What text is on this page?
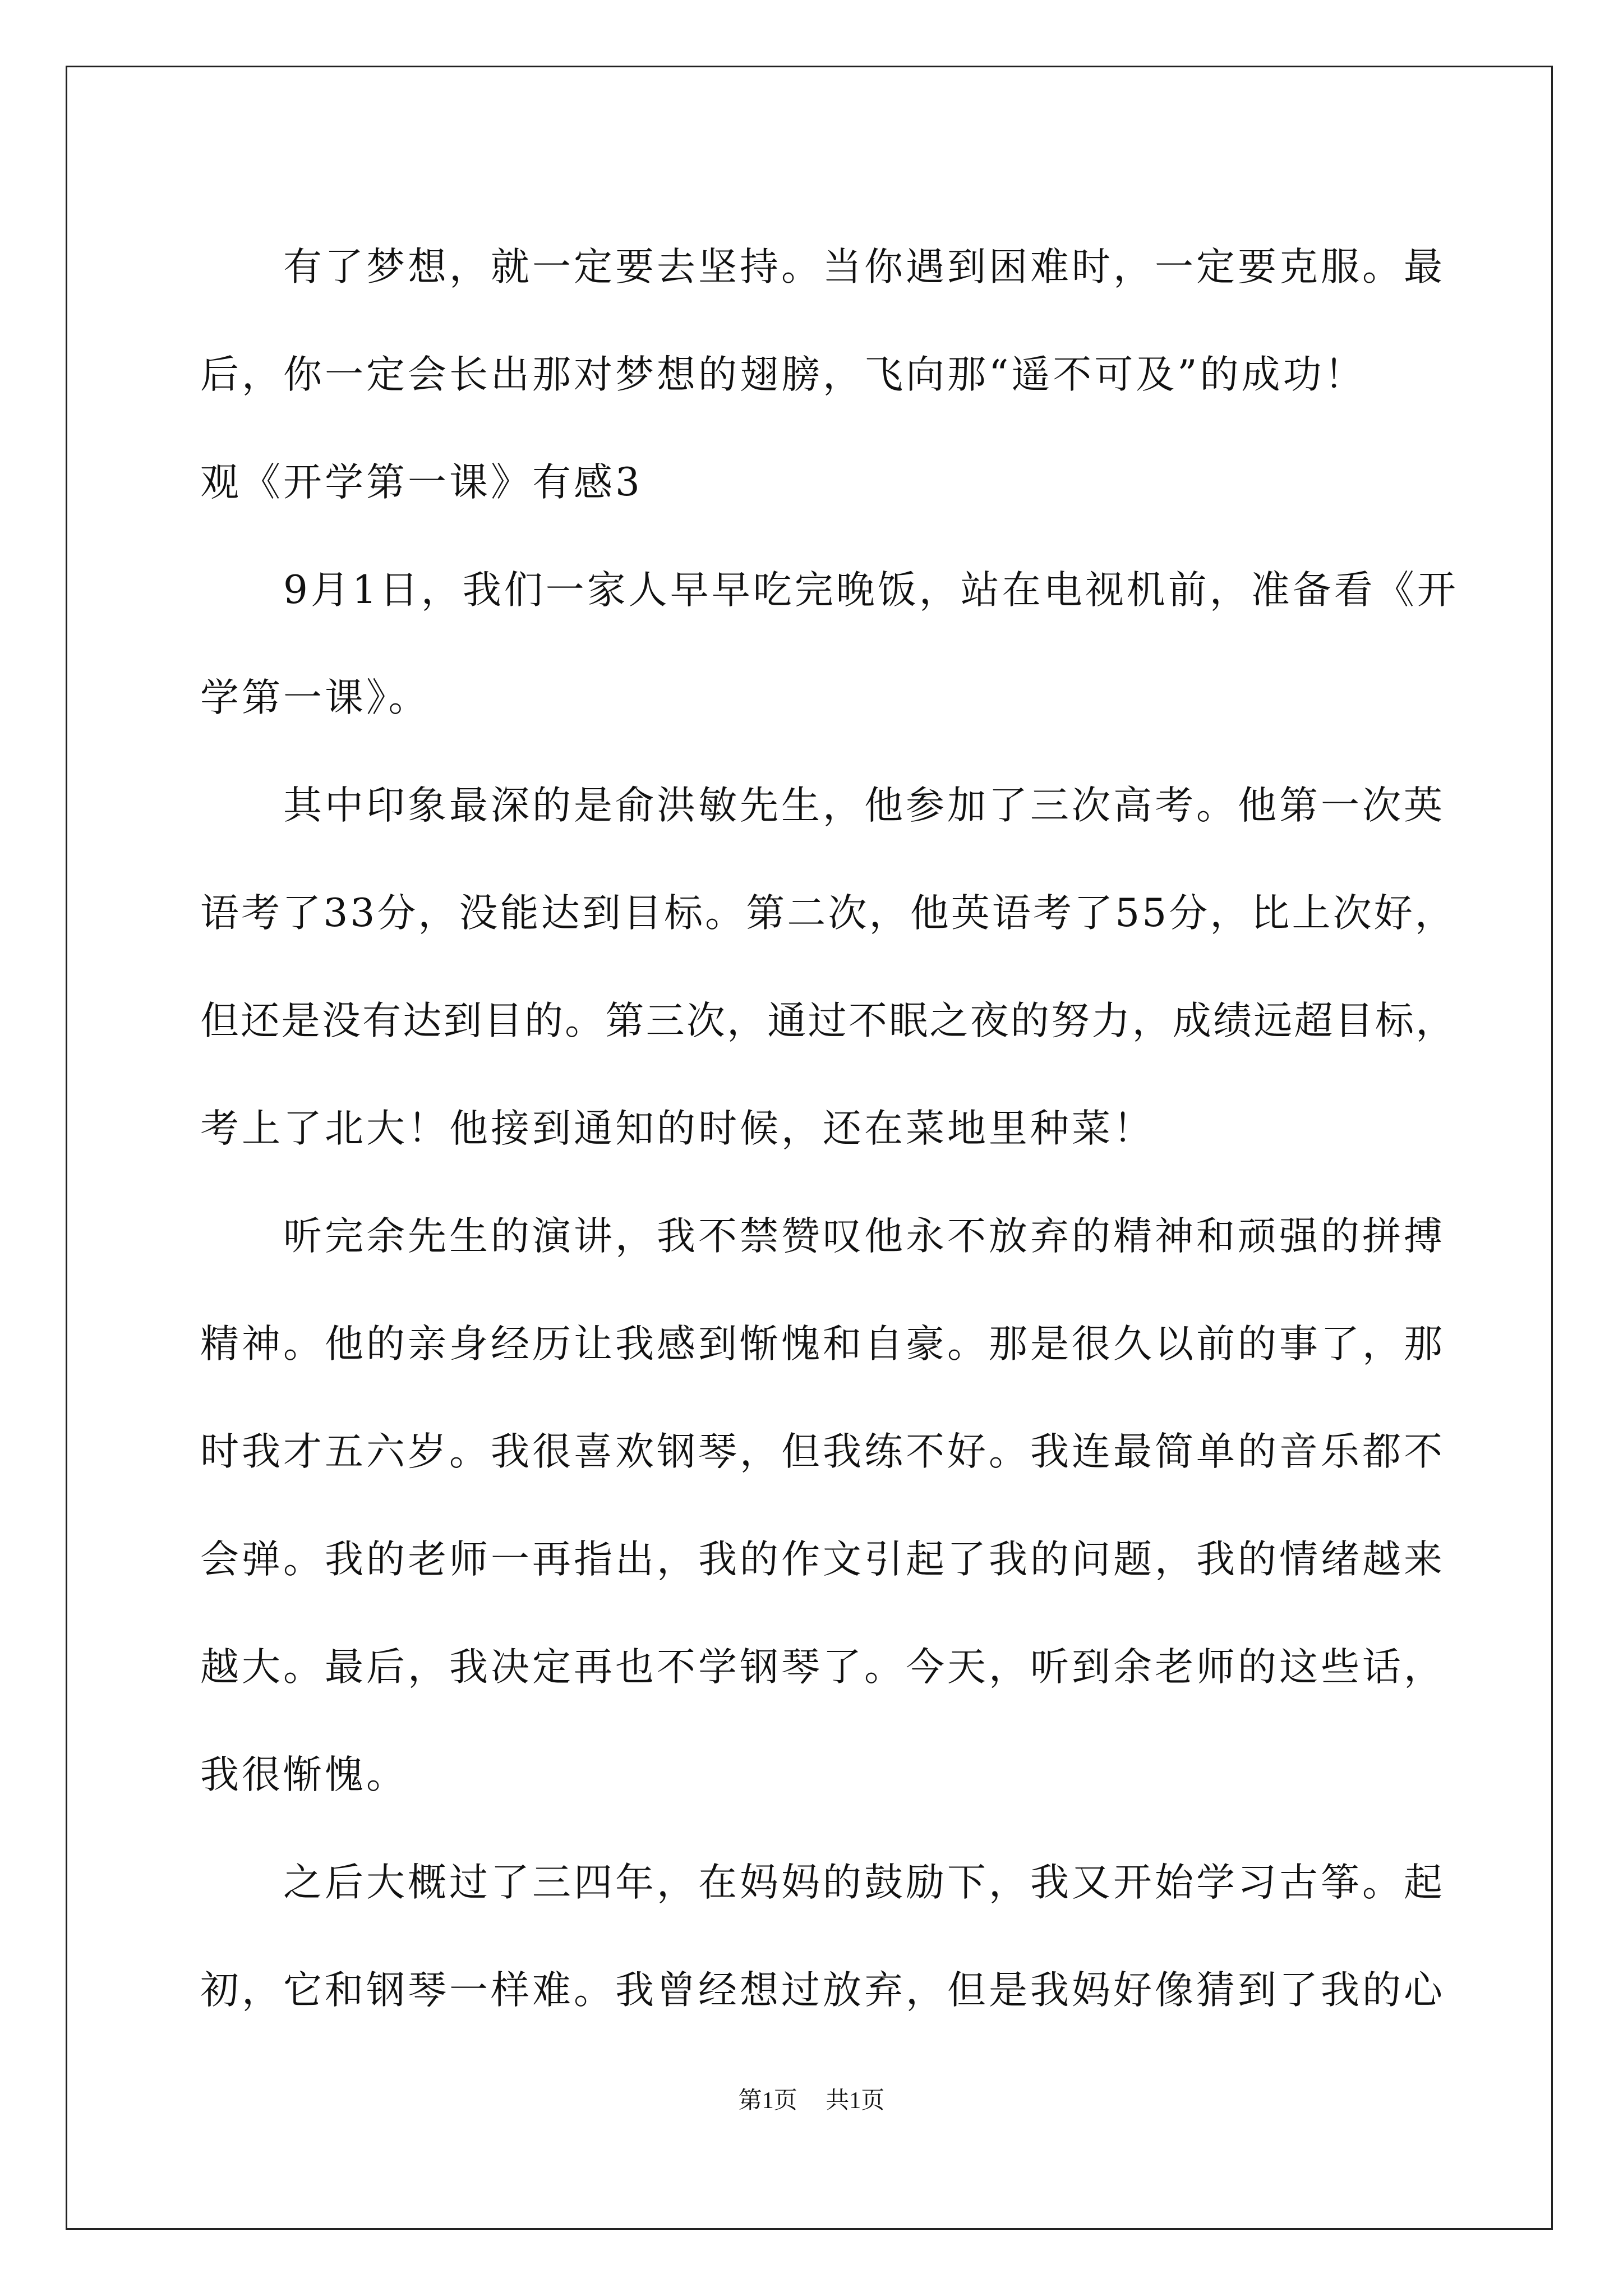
有了梦想，就一定要去坚持。当你遇到困难时，一定要克服。最
后，你一定会长出那对梦想的翅膀，飞向那“遥不可及”的成功！
观《开学第一课》有感3
9月1日，我们一家人早早吃完晚饭，站在电视机前，准备看《开
学第一课》。
其中印象最深的是俞洪敏先生，他参加了三次高考。他第一次英
语考了33分，没能达到目标。第二次，他英语考了55分，比上次好，
但还是没有达到目的。第三次，通过不眠之夜的努力，成绩远超目标，
考上了北大！他接到通知的时候，还在菜地里种菜！
听完余先生的演讲，我不禁赞叹他永不放弃的精神和顽强的拼搏
精神。他的亲身经历让我感到惭愧和自豪。那是很久以前的事了，那
时我才五六岁。我很喜欢钢琴，但我练不好。我连最简单的音乐都不
会弹。我的老师一再指出，我的作文引起了我的问题，我的情绪越来
越大。最后，我决定再也不学钢琴了。今天，听到余老师的这些话，
我很惭愧。
之后大概过了三四年，在妈妈的鼓励下，我又开始学习古筝。起
初，它和钢琴一样难。我曾经想过放弃，但是我妈好像猜到了我的心
第1页 共1页
